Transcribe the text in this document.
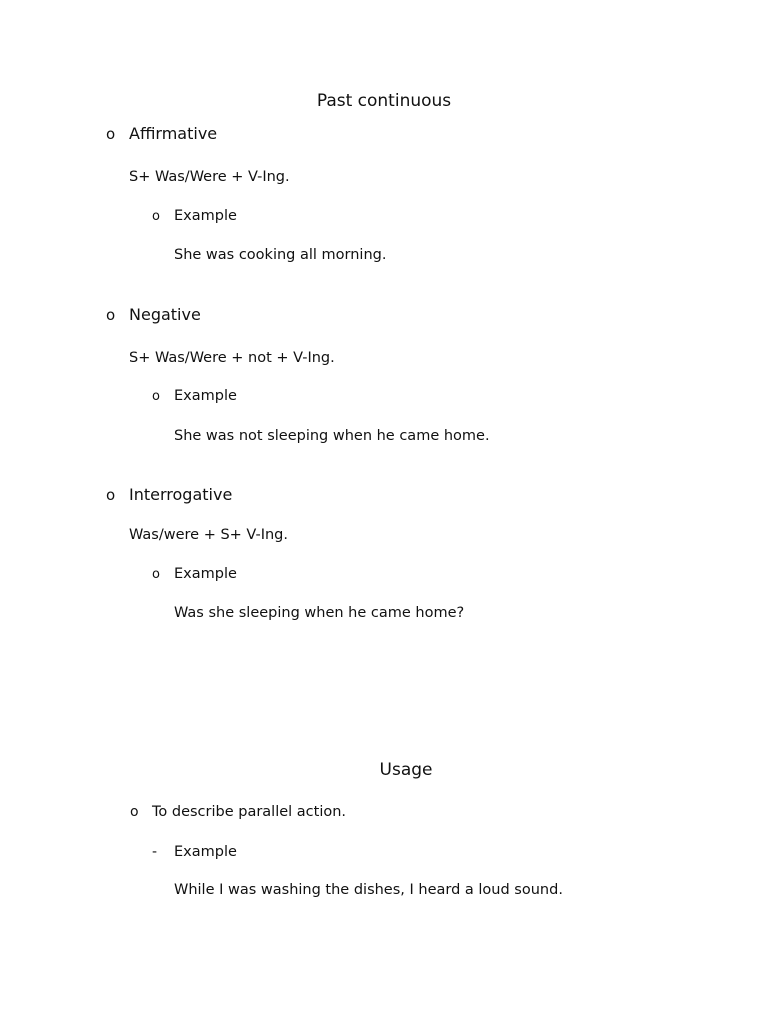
Past continuous
o Affirmative
S+ Was/Were + V-Ing.
o Example
She was cooking all morning.
o Negative
S+ Was/Were + not + V-Ing.
o Example
She was not sleeping when he came home.
o Interrogative
Was/were + S+ V-Ing.
o Example
Was she sleeping when he came home?
Usage
o To describe parallel action.
- Example
While I was washing the dishes, I heard a loud sound.
